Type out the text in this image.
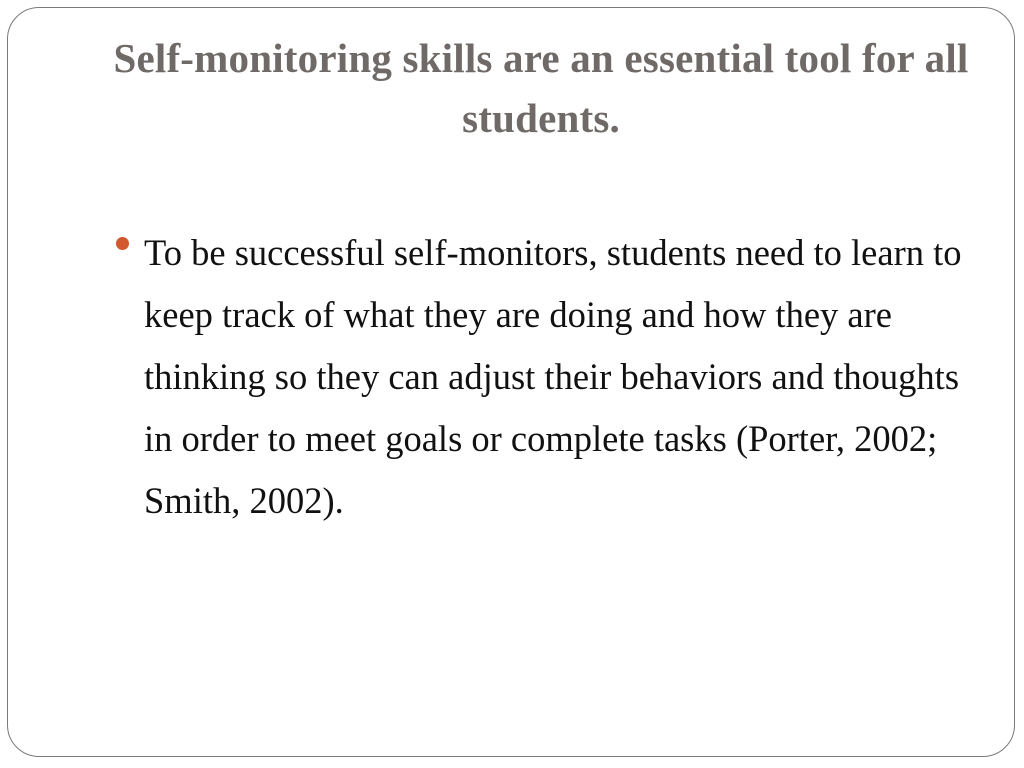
Self-monitoring skills are an essential tool for all students.

To be successful self-monitors, students need to learn to keep track of what they are doing and how they are thinking so they can adjust their behaviors and thoughts in order to meet goals or complete tasks (Porter, 2002; Smith, 2002).
